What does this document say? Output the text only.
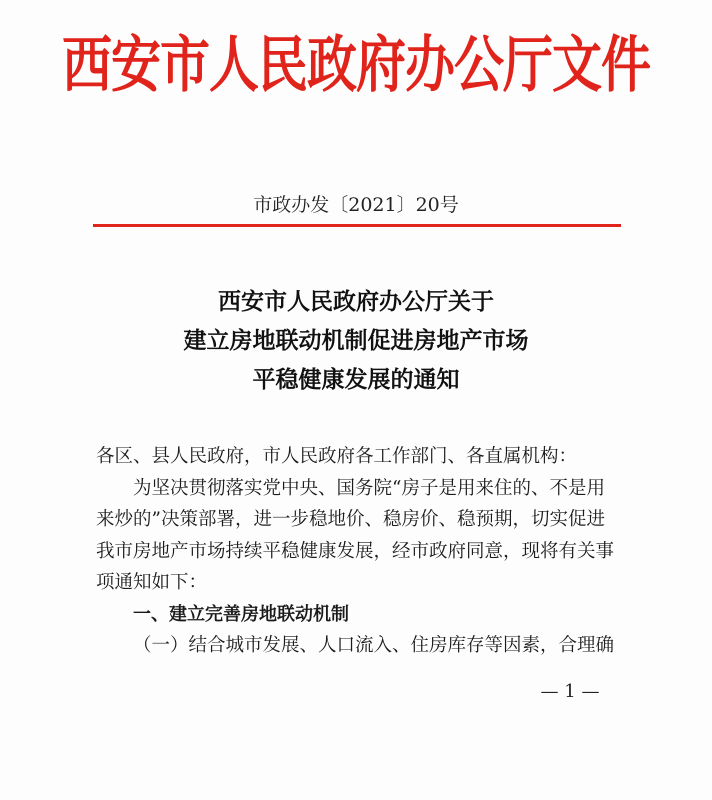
西安市人民政府办公厅文件
市政办发〔2021〕20号
西安市人民政府办公厅关于
建立房地联动机制促进房地产市场
平稳健康发展的通知
各区、县人民政府，市人民政府各工作部门、各直属机构：
为坚决贯彻落实党中央、国务院“房子是用来住的、不是用
来炒的”决策部署，进一步稳地价、稳房价、稳预期，切实促进
我市房地产市场持续平稳健康发展，经市政府同意，现将有关事
项通知如下：
一、建立完善房地联动机制
（一）结合城市发展、人口流入、住房库存等因素，合理确
— 1 —
